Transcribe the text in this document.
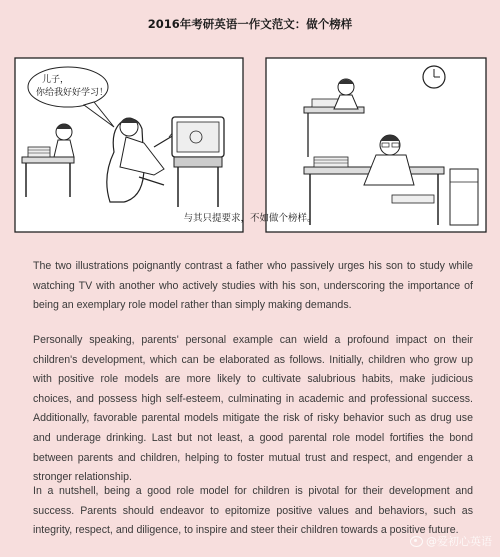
2016年考研英语一作文范文：做个榜样
儿子，
你给我好好学习！
与其只提要求，不如做个榜样。

The two illustrations poignantly contrast a father who passively urges his son to study while watching TV with another who actively studies with his son, underscoring the importance of being an exemplary role model rather than simply making demands.

Personally speaking, parents' personal example can wield a profound impact on their children's development, which can be elaborated as follows. Initially, children who grow up with positive role models are more likely to cultivate salubrious habits, make judicious choices, and possess high self-esteem, culminating in academic and professional success. Additionally, favorable parental models mitigate the risk of risky behavior such as drug use and underage drinking. Last but not least, a good parental role model fortifies the bond between parents and children, helping to foster mutual trust and respect, and engender a stronger relationship.

In a nutshell, being a good role model for children is pivotal for their development and success. Parents should endeavor to epitomize positive values and behaviors, such as integrity, respect, and diligence, to inspire and steer their children towards a positive future.

@爱初心英语
